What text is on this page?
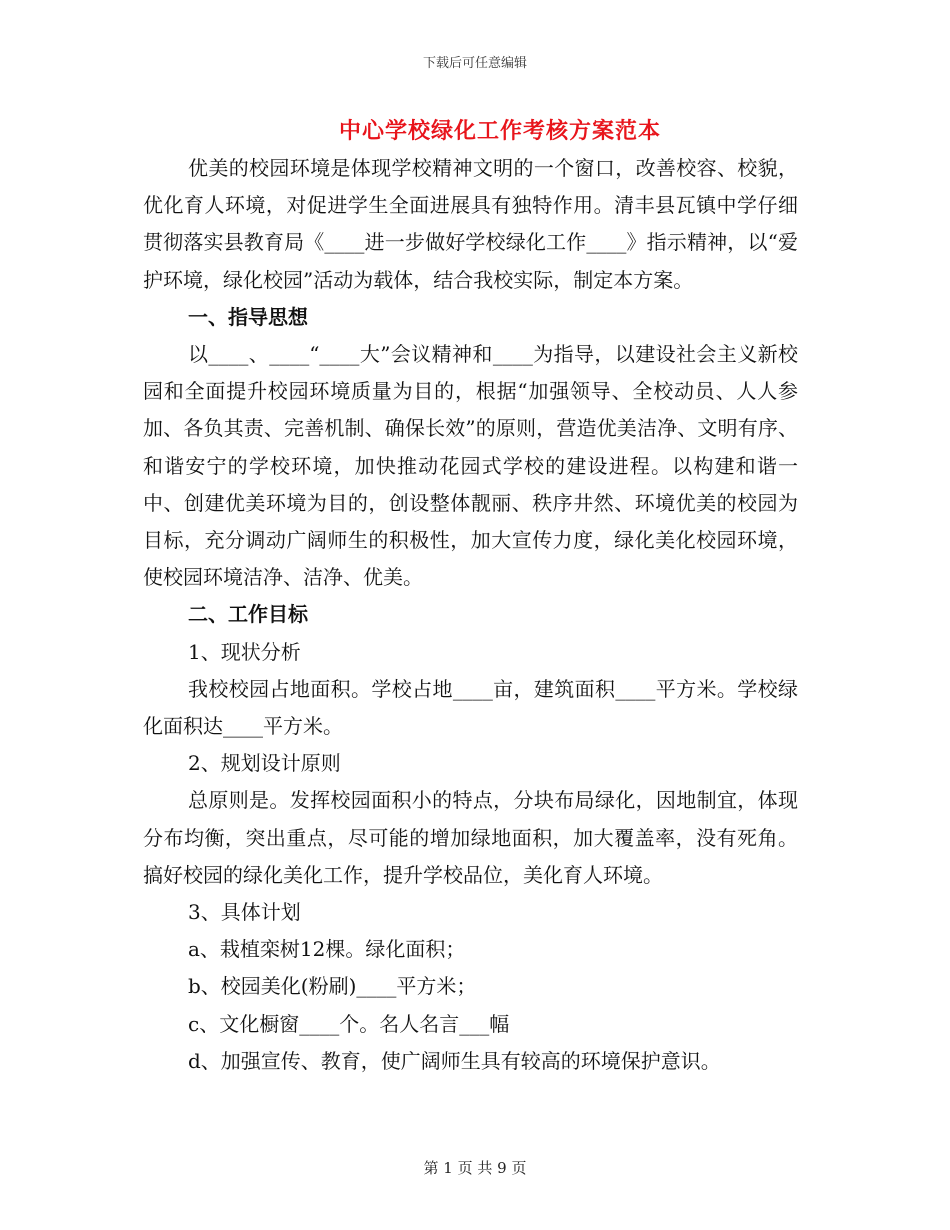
下载后可任意编辑
中心学校绿化工作考核方案范本

优美的校园环境是体现学校精神文明的一个窗口，改善校容、校貌，优化育人环境，对促进学生全面进展具有独特作用。清丰县瓦镇中学仔细贯彻落实县教育局《____进一步做好学校绿化工作____》指示精神，以“爱护环境，绿化校园”活动为载体，结合我校实际，制定本方案。

一、指导思想

以____、____“____大”会议精神和____为指导，以建设社会主义新校园和全面提升校园环境质量为目的，根据“加强领导、全校动员、人人参加、各负其责、完善机制、确保长效”的原则，营造优美洁净、文明有序、和谐安宁的学校环境，加快推动花园式学校的建设进程。以构建和谐一中、创建优美环境为目的，创设整体靓丽、秩序井然、环境优美的校园为目标，充分调动广阔师生的积极性，加大宣传力度，绿化美化校园环境，使校园环境洁净、洁净、优美。

二、工作目标

1、现状分析

我校校园占地面积。学校占地____亩，建筑面积____平方米。学校绿化面积达____平方米。

2、规划设计原则

总原则是。发挥校园面积小的特点，分块布局绿化，因地制宜，体现分布均衡，突出重点，尽可能的增加绿地面积，加大覆盖率，没有死角。搞好校园的绿化美化工作，提升学校品位，美化育人环境。

3、具体计划

a、栽植栾树12棵。绿化面积；

b、校园美化(粉刷)____平方米；

c、文化橱窗____个。名人名言___幅

d、加强宣传、教育，使广阔师生具有较高的环境保护意识。

第 1 页 共 9 页
